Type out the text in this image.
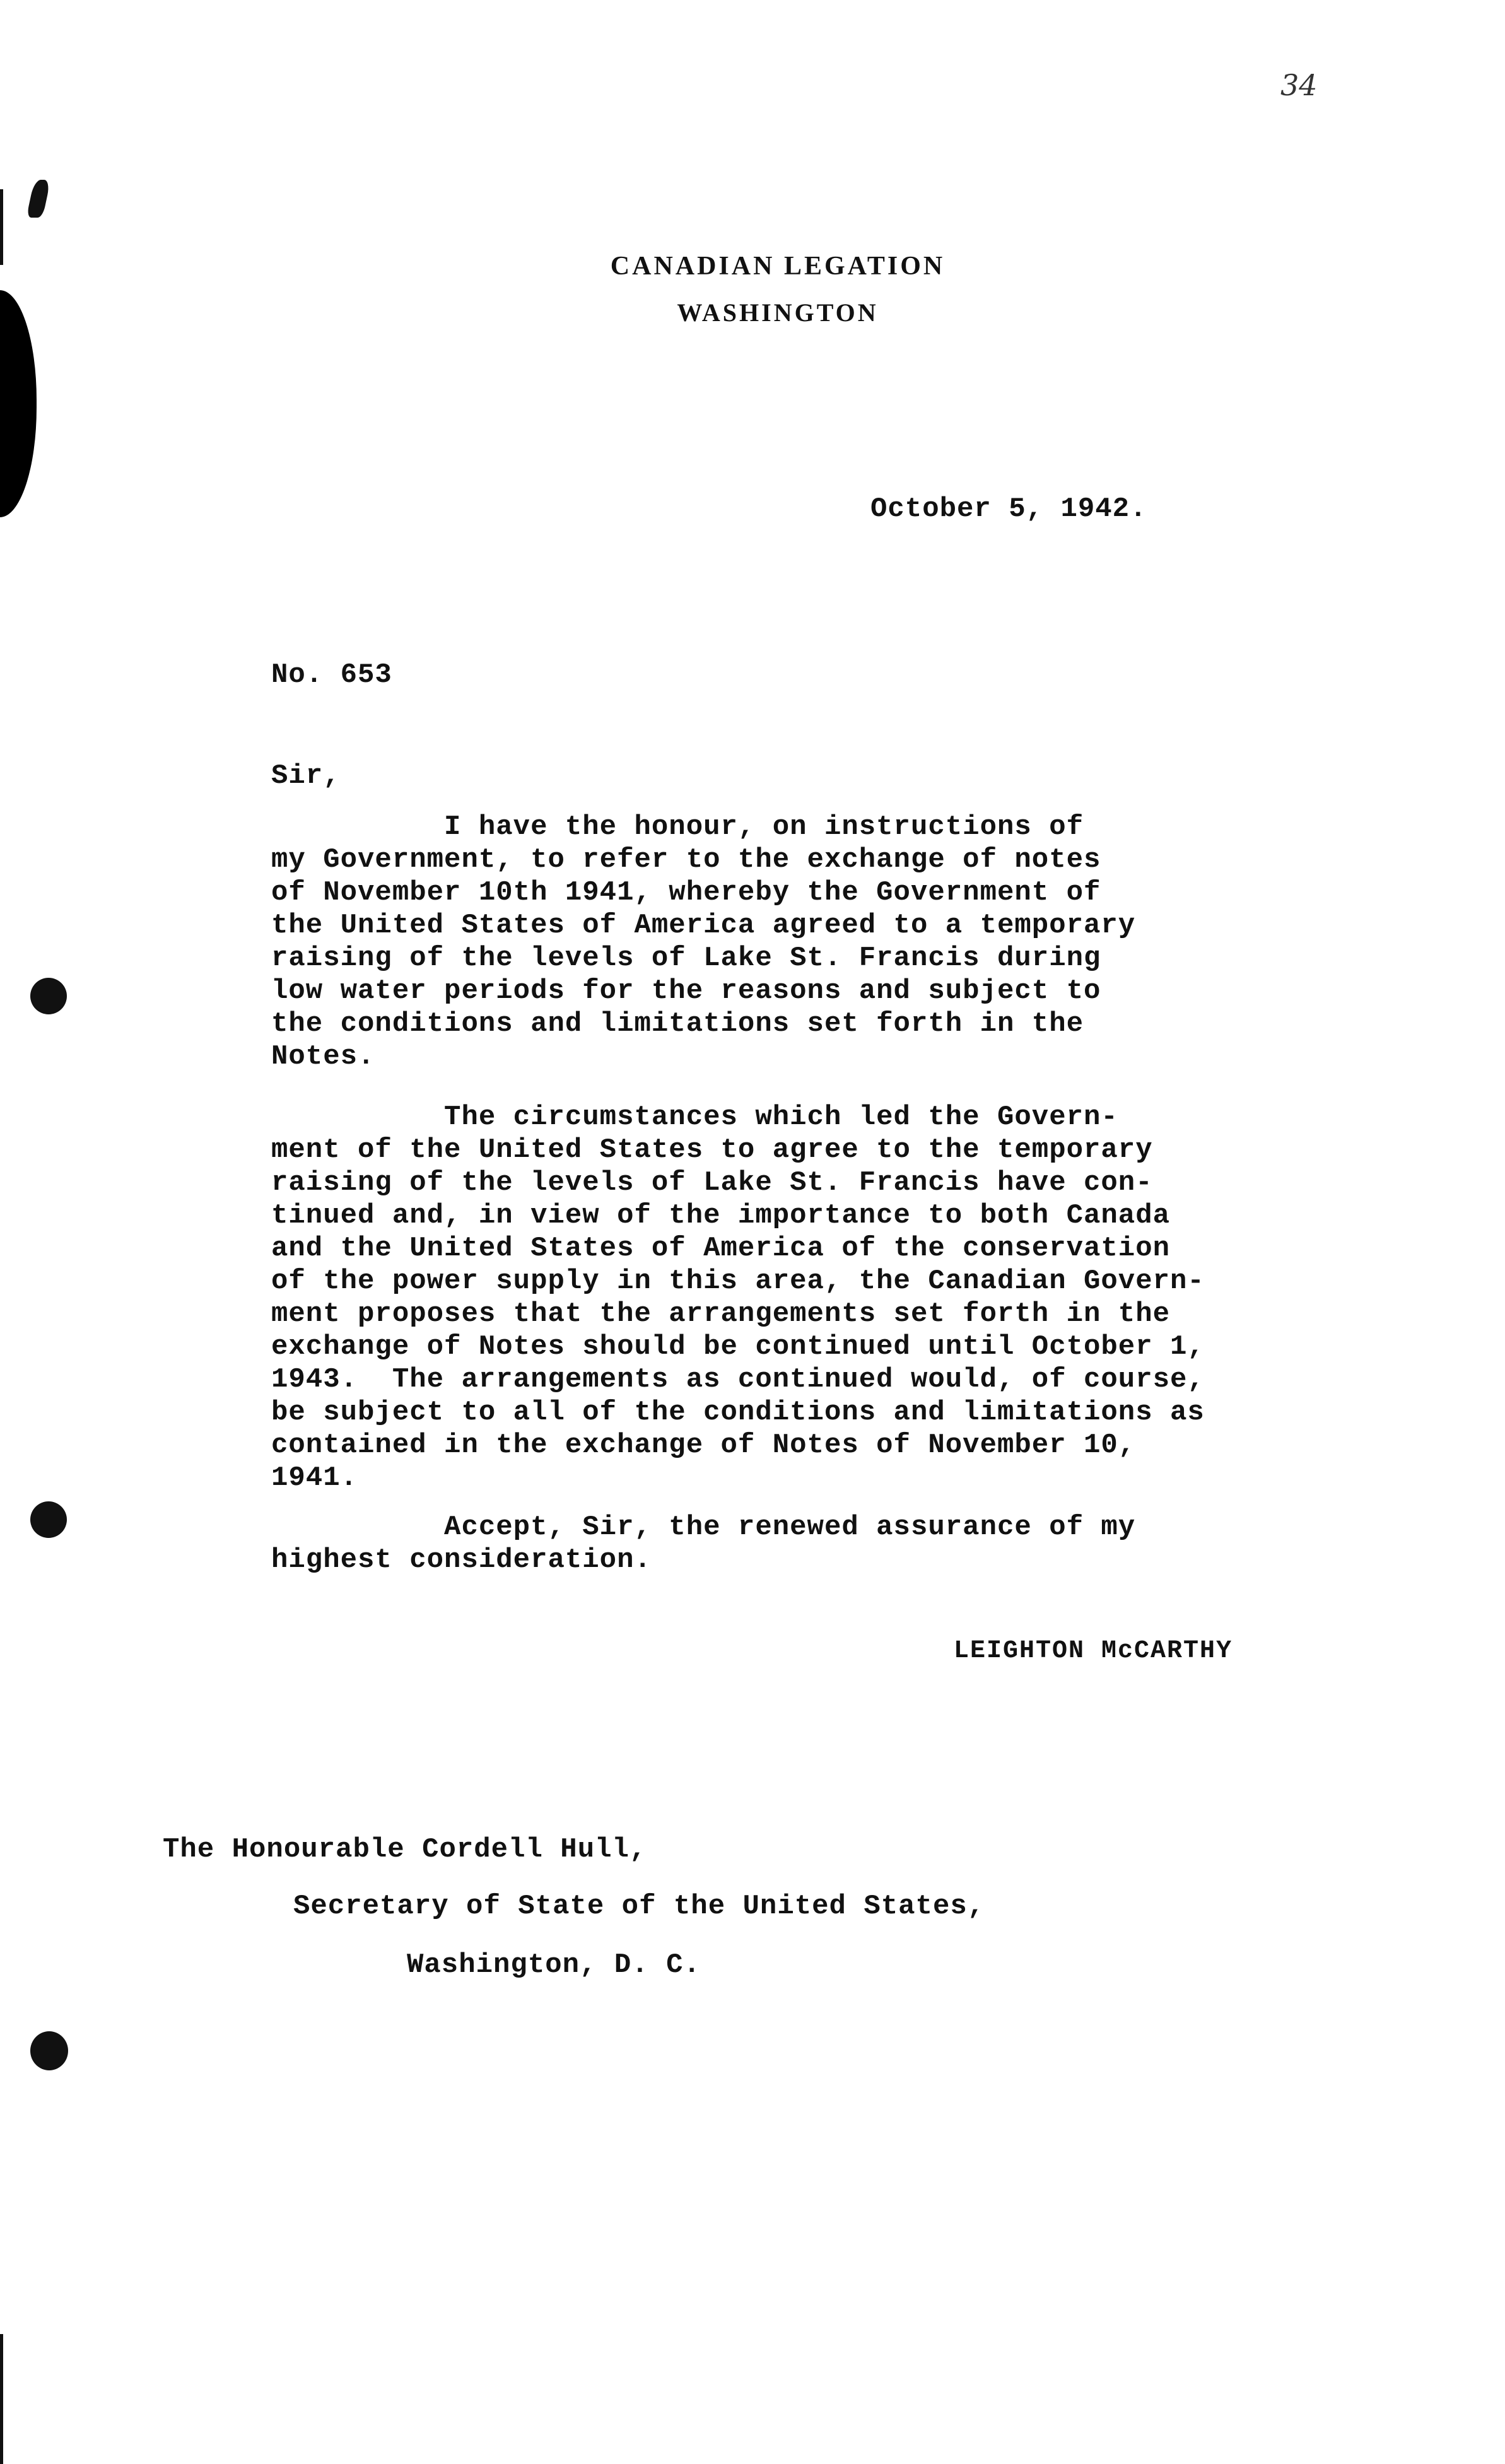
34
CANADIAN LEGATION
WASHINGTON
October 5, 1942.
No. 653
Sir,
I have the honour, on instructions of
my Government, to refer to the exchange of notes
of November 10th 1941, whereby the Government of
the United States of America agreed to a temporary
raising of the levels of Lake St. Francis during
low water periods for the reasons and subject to
the conditions and limitations set forth in the
Notes.
The circumstances which led the Govern-
ment of the United States to agree to the temporary
raising of the levels of Lake St. Francis have con-
tinued and, in view of the importance to both Canada
and the United States of America of the conservation
of the power supply in this area, the Canadian Govern-
ment proposes that the arrangements set forth in the
exchange of Notes should be continued until October 1,
1943.  The arrangements as continued would, of course,
be subject to all of the conditions and limitations as
contained in the exchange of Notes of November 10,
1941.
Accept, Sir, the renewed assurance of my
highest consideration.
LEIGHTON McCARTHY
The Honourable Cordell Hull,
Secretary of State of the United States,
Washington, D. C.
